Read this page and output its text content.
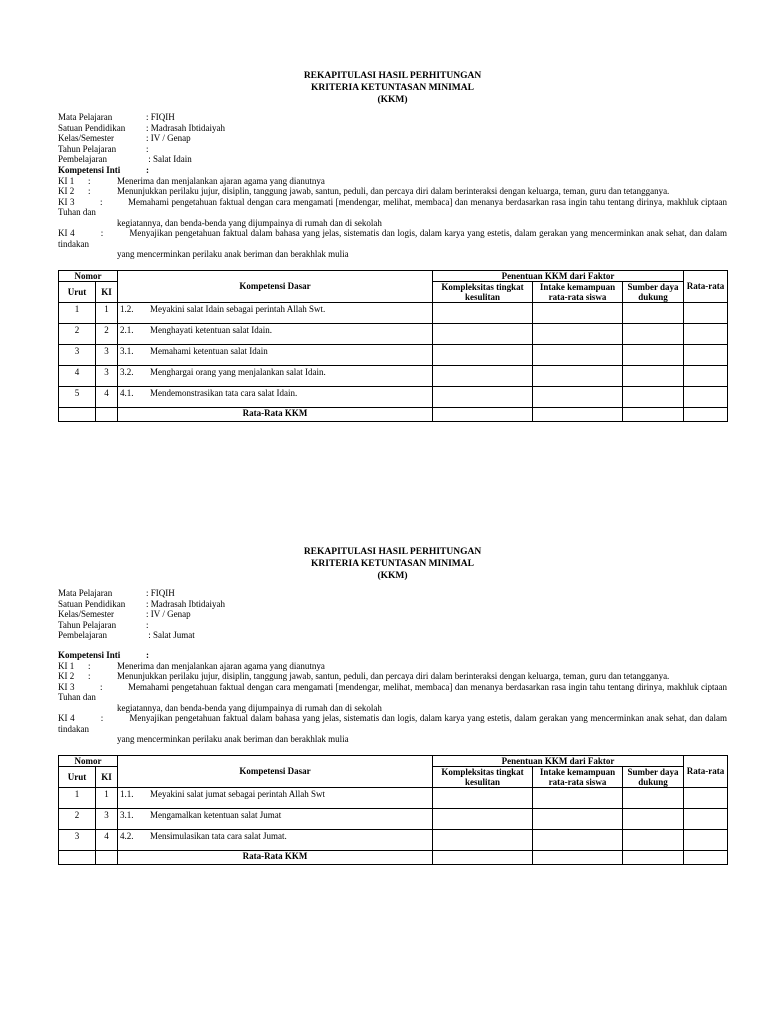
REKAPITULASI HASIL PERHITUNGAN
KRITERIA KETUNTASAN MINIMAL
(KKM)
Mata Pelajaran	: FIQIH
Satuan Pendidikan	: Madrasah Ibtidaiyah
Kelas/Semester	: IV / Genap
Tahun Pelajaran	:
Pembelajaran	: Salat Idain
Kompetensi Inti	:
KI 1	:	Menerima dan menjalankan ajaran agama yang dianutnya
KI 2	:	Menunjukkan perilaku jujur, disiplin, tanggung jawab, santun, peduli, dan percaya diri dalam berinteraksi dengan keluarga, teman, guru dan tetangganya.
KI 3          :          Memahami pengetahuan faktual dengan cara mengamati [mendengar, melihat, membaca] dan menanya berdasarkan rasa ingin tahu tentang dirinya, makhluk ciptaan Tuhan dan
kegiatannya, dan benda-benda yang dijumpainya di rumah dan di sekolah
KI 4          :          Menyajikan pengetahuan faktual dalam bahasa yang jelas, sistematis dan logis, dalam karya yang estetis, dalam gerakan yang mencerminkan anak sehat, dan dalam tindakan
yang mencerminkan perilaku anak beriman dan berakhlak mulia
Nomor		Kompetensi Dasar	Penentuan KKM dari Faktor			Rata-rata
Urut	KI		Kompleksitas tingkat kesulitan	Intake kemampuan rata-rata siswa	Sumber daya dukung	
1	1	1.2. Meyakini salat Idain sebagai perintah Allah Swt.				
2	2	2.1. Menghayati ketentuan salat Idain.				
3	3	3.1. Memahami ketentuan salat Idain				
4	3	3.2. Menghargai orang yang menjalankan salat Idain.				
5	4	4.1. Mendemonstrasikan tata cara salat Idain.				
		Rata-Rata KKM				
REKAPITULASI HASIL PERHITUNGAN
KRITERIA KETUNTASAN MINIMAL
(KKM)
Mata Pelajaran	: FIQIH
Satuan Pendidikan	: Madrasah Ibtidaiyah
Kelas/Semester	: IV / Genap
Tahun Pelajaran	:
Pembelajaran	: Salat Jumat
Kompetensi Inti	:
KI 1	:	Menerima dan menjalankan ajaran agama yang dianutnya
KI 2	:	Menunjukkan perilaku jujur, disiplin, tanggung jawab, santun, peduli, dan percaya diri dalam berinteraksi dengan keluarga, teman, guru dan tetangganya.
KI 3          :          Memahami pengetahuan faktual dengan cara mengamati [mendengar, melihat, membaca] dan menanya berdasarkan rasa ingin tahu tentang dirinya, makhluk ciptaan Tuhan dan
kegiatannya, dan benda-benda yang dijumpainya di rumah dan di sekolah
KI 4          :          Menyajikan pengetahuan faktual dalam bahasa yang jelas, sistematis dan logis, dalam karya yang estetis, dalam gerakan yang mencerminkan anak sehat, dan dalam tindakan
yang mencerminkan perilaku anak beriman dan berakhlak mulia
Nomor		Kompetensi Dasar	Penentuan KKM dari Faktor			Rata-rata
Urut	KI		Kompleksitas tingkat kesulitan	Intake kemampuan rata-rata siswa	Sumber daya dukung	
1	1	1.1. Meyakini salat jumat sebagai perintah Allah Swt				
2	3	3.1. Mengamalkan ketentuan salat Jumat				
3	4	4.2. Mensimulasikan tata cara salat Jumat.				
		Rata-Rata KKM				
